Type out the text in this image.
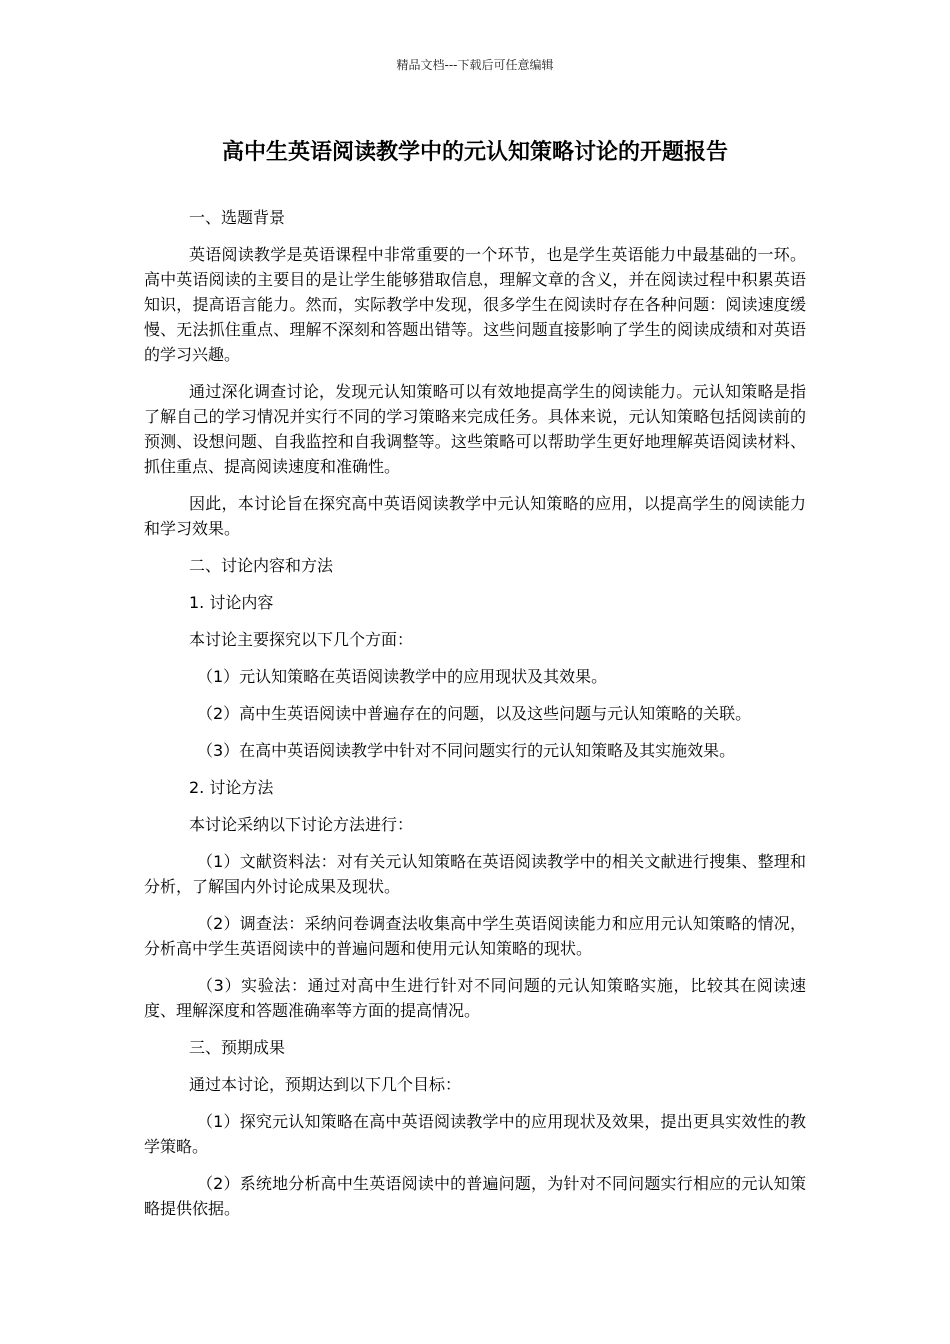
精品文档---下载后可任意编辑
高中生英语阅读教学中的元认知策略讨论的开题报告

一、选题背景

英语阅读教学是英语课程中非常重要的一个环节，也是学生英语能力中最基础的一环。高中英语阅读的主要目的是让学生能够猎取信息，理解文章的含义，并在阅读过程中积累英语知识，提高语言能力。然而，实际教学中发现，很多学生在阅读时存在各种问题：阅读速度缓慢、无法抓住重点、理解不深刻和答题出错等。这些问题直接影响了学生的阅读成绩和对英语的学习兴趣。

通过深化调查讨论，发现元认知策略可以有效地提高学生的阅读能力。元认知策略是指了解自己的学习情况并实行不同的学习策略来完成任务。具体来说，元认知策略包括阅读前的预测、设想问题、自我监控和自我调整等。这些策略可以帮助学生更好地理解英语阅读材料、抓住重点、提高阅读速度和准确性。

因此，本讨论旨在探究高中英语阅读教学中元认知策略的应用，以提高学生的阅读能力和学习效果。

二、讨论内容和方法

1. 讨论内容

本讨论主要探究以下几个方面：

（1）元认知策略在英语阅读教学中的应用现状及其效果。

（2）高中生英语阅读中普遍存在的问题，以及这些问题与元认知策略的关联。

（3）在高中英语阅读教学中针对不同问题实行的元认知策略及其实施效果。

2. 讨论方法

本讨论采纳以下讨论方法进行：

（1）文献资料法：对有关元认知策略在英语阅读教学中的相关文献进行搜集、整理和分析，了解国内外讨论成果及现状。

（2）调查法：采纳问卷调查法收集高中学生英语阅读能力和应用元认知策略的情况，分析高中学生英语阅读中的普遍问题和使用元认知策略的现状。

（3）实验法：通过对高中生进行针对不同问题的元认知策略实施，比较其在阅读速度、理解深度和答题准确率等方面的提高情况。

三、预期成果

通过本讨论，预期达到以下几个目标：

（1）探究元认知策略在高中英语阅读教学中的应用现状及效果，提出更具实效性的教学策略。

（2）系统地分析高中生英语阅读中的普遍问题，为针对不同问题实行相应的元认知策略提供依据。
